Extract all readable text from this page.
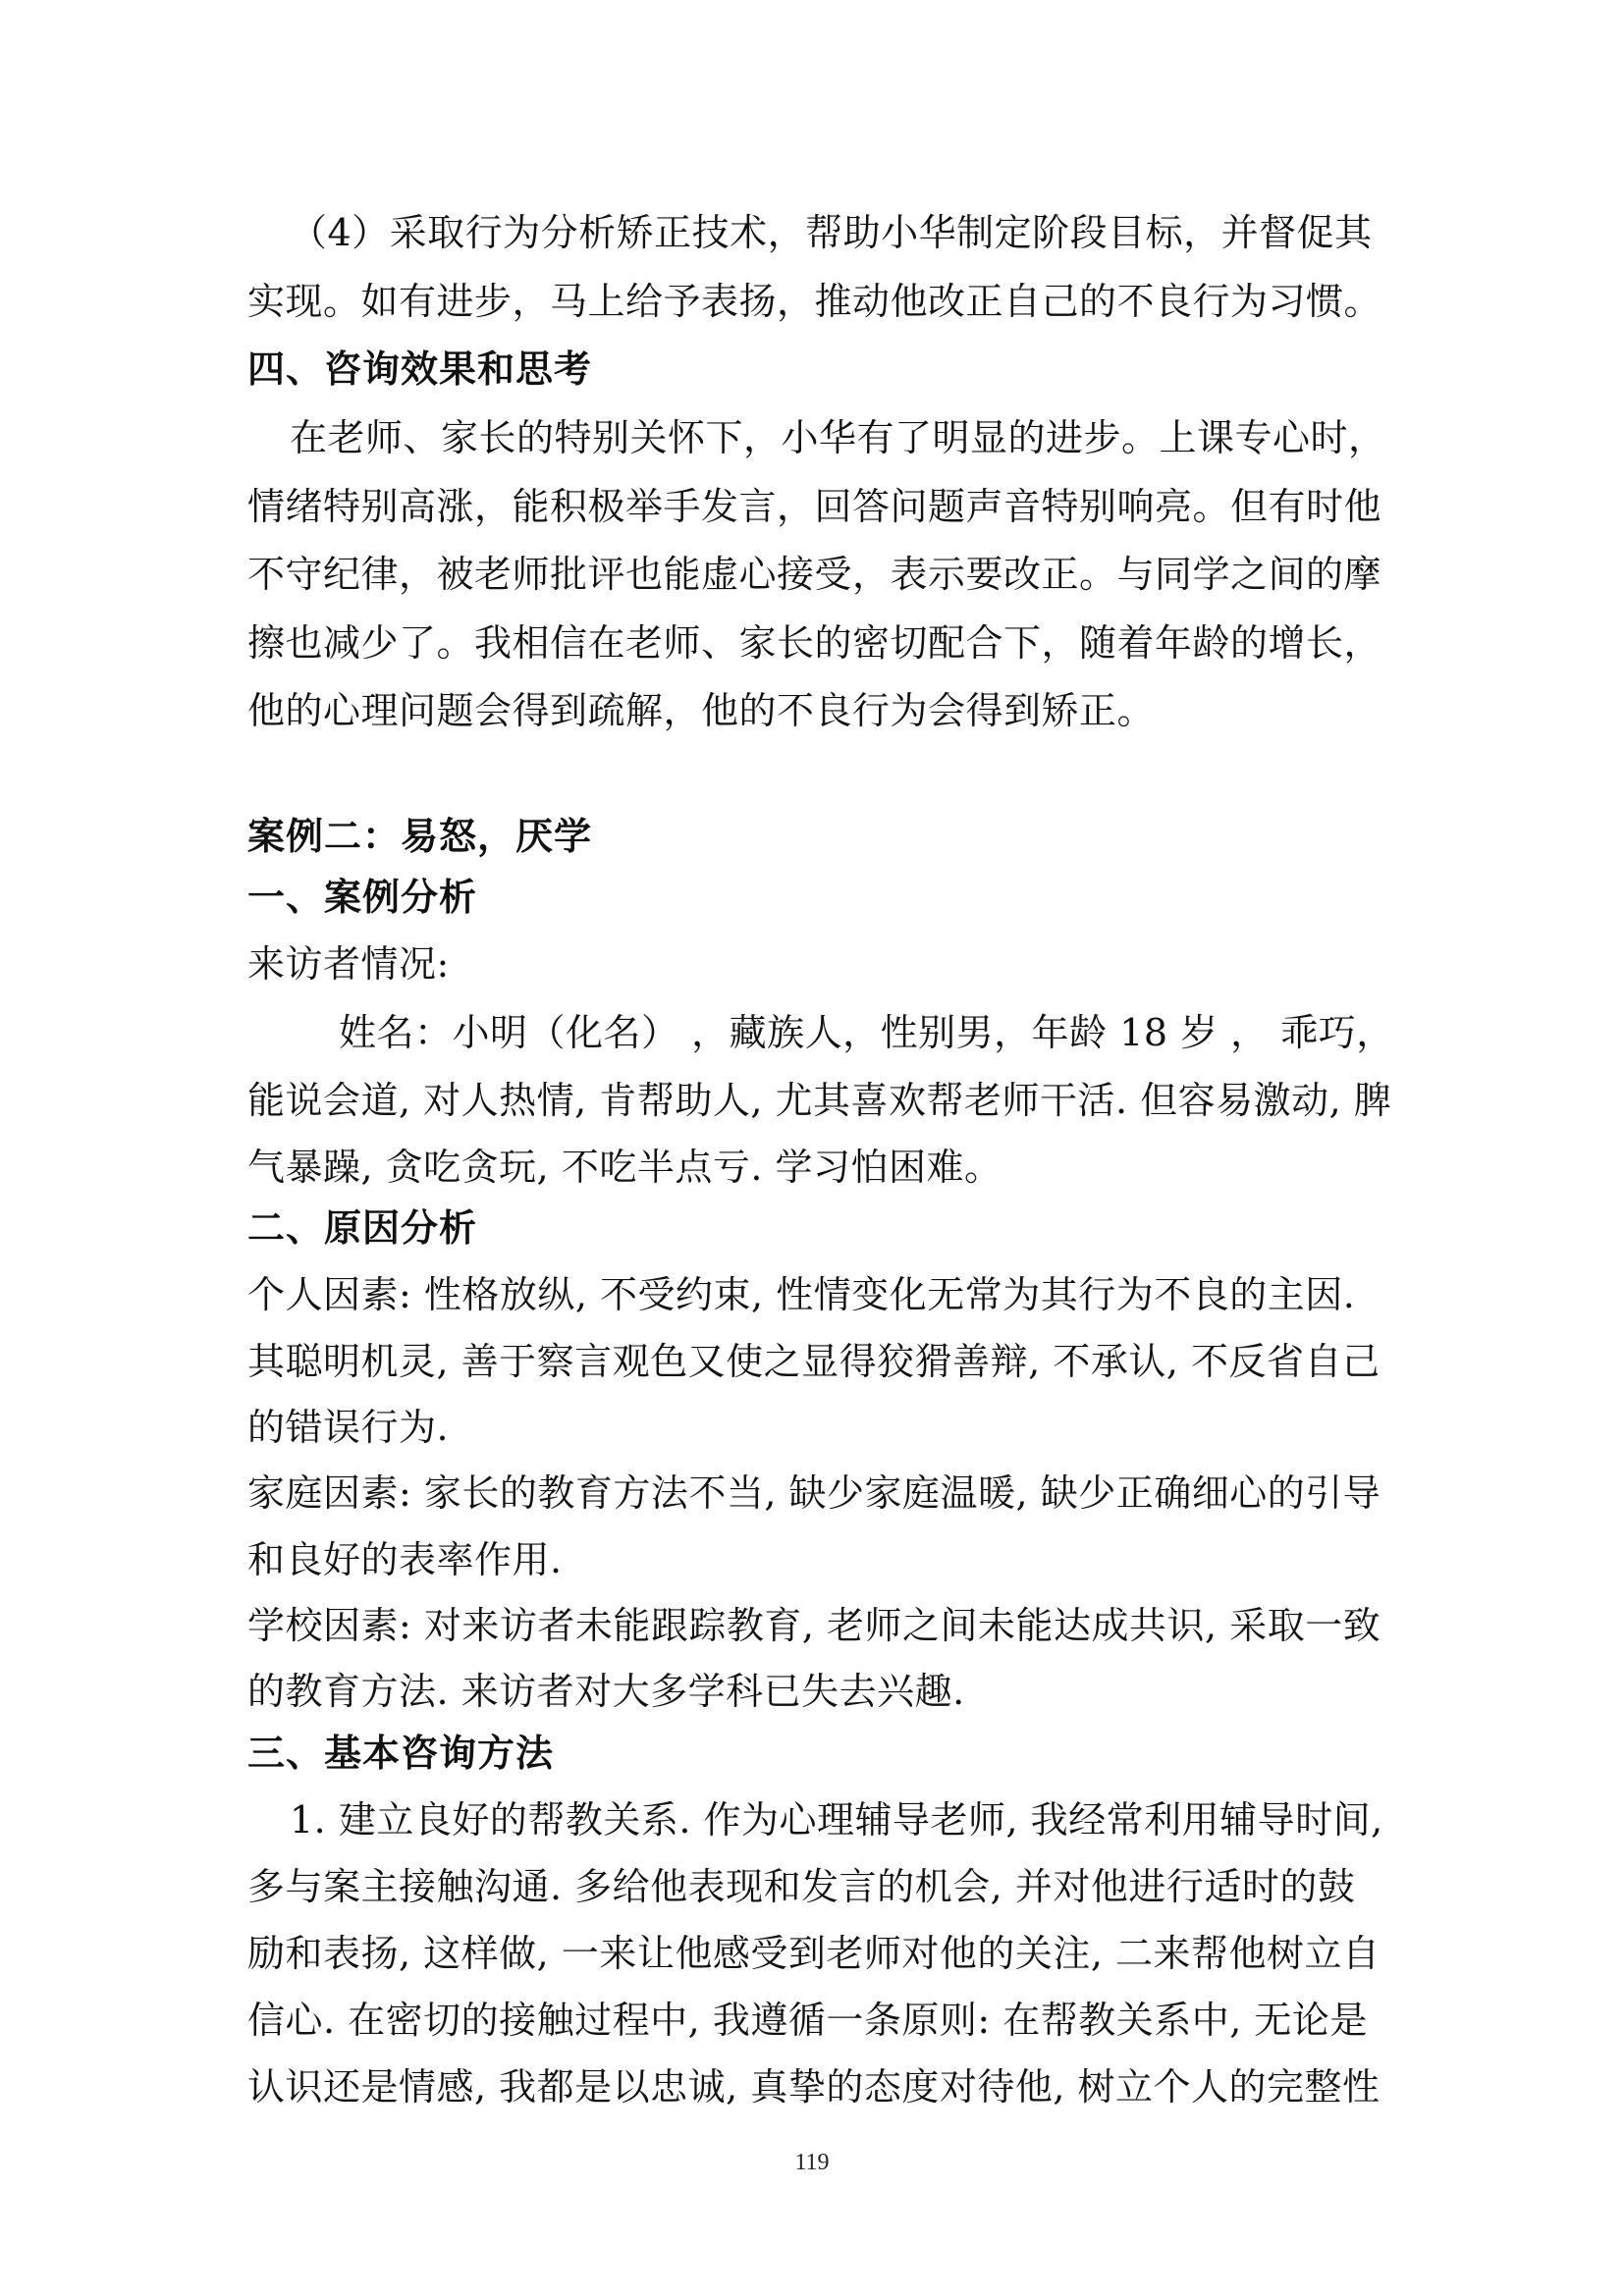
（4）采取行为分析矫正技术，帮助小华制定阶段目标，并督促其
实现。如有进步，马上给予表扬，推动他改正自己的不良行为习惯。
四、咨询效果和思考
在老师、家长的特别关怀下，小华有了明显的进步。上课专心时，
情绪特别高涨，能积极举手发言，回答问题声音特别响亮。但有时他
不守纪律，被老师批评也能虚心接受，表示要改正。与同学之间的摩
擦也减少了。我相信在老师、家长的密切配合下，随着年龄的增长，
他的心理问题会得到疏解，他的不良行为会得到矫正。
案例二：易怒，厌学
一、案例分析
来访者情况:
姓名：小明（化名） ，藏族人，性别男，年龄 18 岁 ， 乖巧，
能说会道, 对人热情, 肯帮助人, 尤其喜欢帮老师干活. 但容易激动, 脾
气暴躁, 贪吃贪玩, 不吃半点亏. 学习怕困难。
二、原因分析
个人因素: 性格放纵, 不受约束, 性情变化无常为其行为不良的主因.
其聪明机灵, 善于察言观色又使之显得狡猾善辩, 不承认, 不反省自己
的错误行为.
家庭因素: 家长的教育方法不当, 缺少家庭温暖, 缺少正确细心的引导
和良好的表率作用.
学校因素: 对来访者未能跟踪教育, 老师之间未能达成共识, 采取一致
的教育方法. 来访者对大多学科已失去兴趣.
三、基本咨询方法
1. 建立良好的帮教关系. 作为心理辅导老师, 我经常利用辅导时间,
多与案主接触沟通. 多给他表现和发言的机会, 并对他进行适时的鼓
励和表扬, 这样做, 一来让他感受到老师对他的关注, 二来帮他树立自
信心. 在密切的接触过程中, 我遵循一条原则: 在帮教关系中, 无论是
认识还是情感, 我都是以忠诚, 真挚的态度对待他, 树立个人的完整性
119
